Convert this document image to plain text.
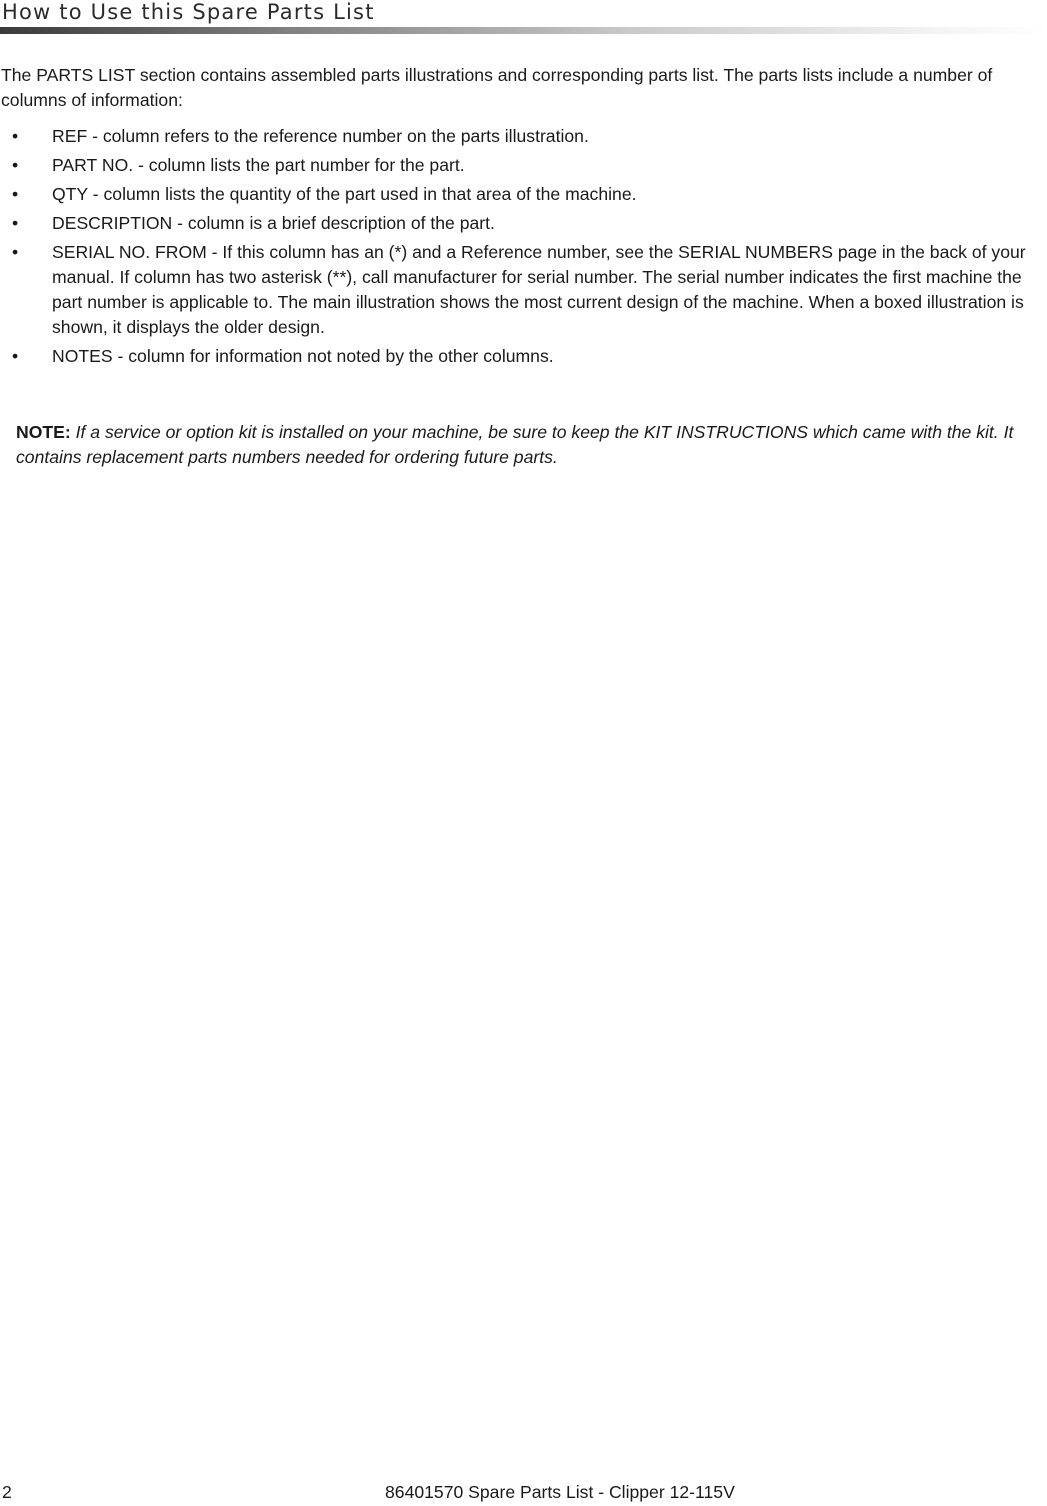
How to Use this Spare Parts List

The PARTS LIST section contains assembled parts illustrations and corresponding parts list. The parts lists include a number of columns of information:

• REF - column refers to the reference number on the parts illustration.
• PART NO. - column lists the part number for the part.
• QTY - column lists the quantity of the part used in that area of the machine.
• DESCRIPTION - column is a brief description of the part.
• SERIAL NO. FROM - If this column has an (*) and a Reference number, see the SERIAL NUMBERS page in the back of your manual. If column has two asterisk (**), call manufacturer for serial number. The serial number indicates the first machine the part number is applicable to. The main illustration shows the most current design of the machine. When a boxed illustration is shown, it displays the older design.
• NOTES - column for information not noted by the other columns.

NOTE: If a service or option kit is installed on your machine, be sure to keep the KIT INSTRUCTIONS which came with the kit. It contains replacement parts numbers needed for ordering future parts.

2	86401570 Spare Parts List - Clipper 12-115V
